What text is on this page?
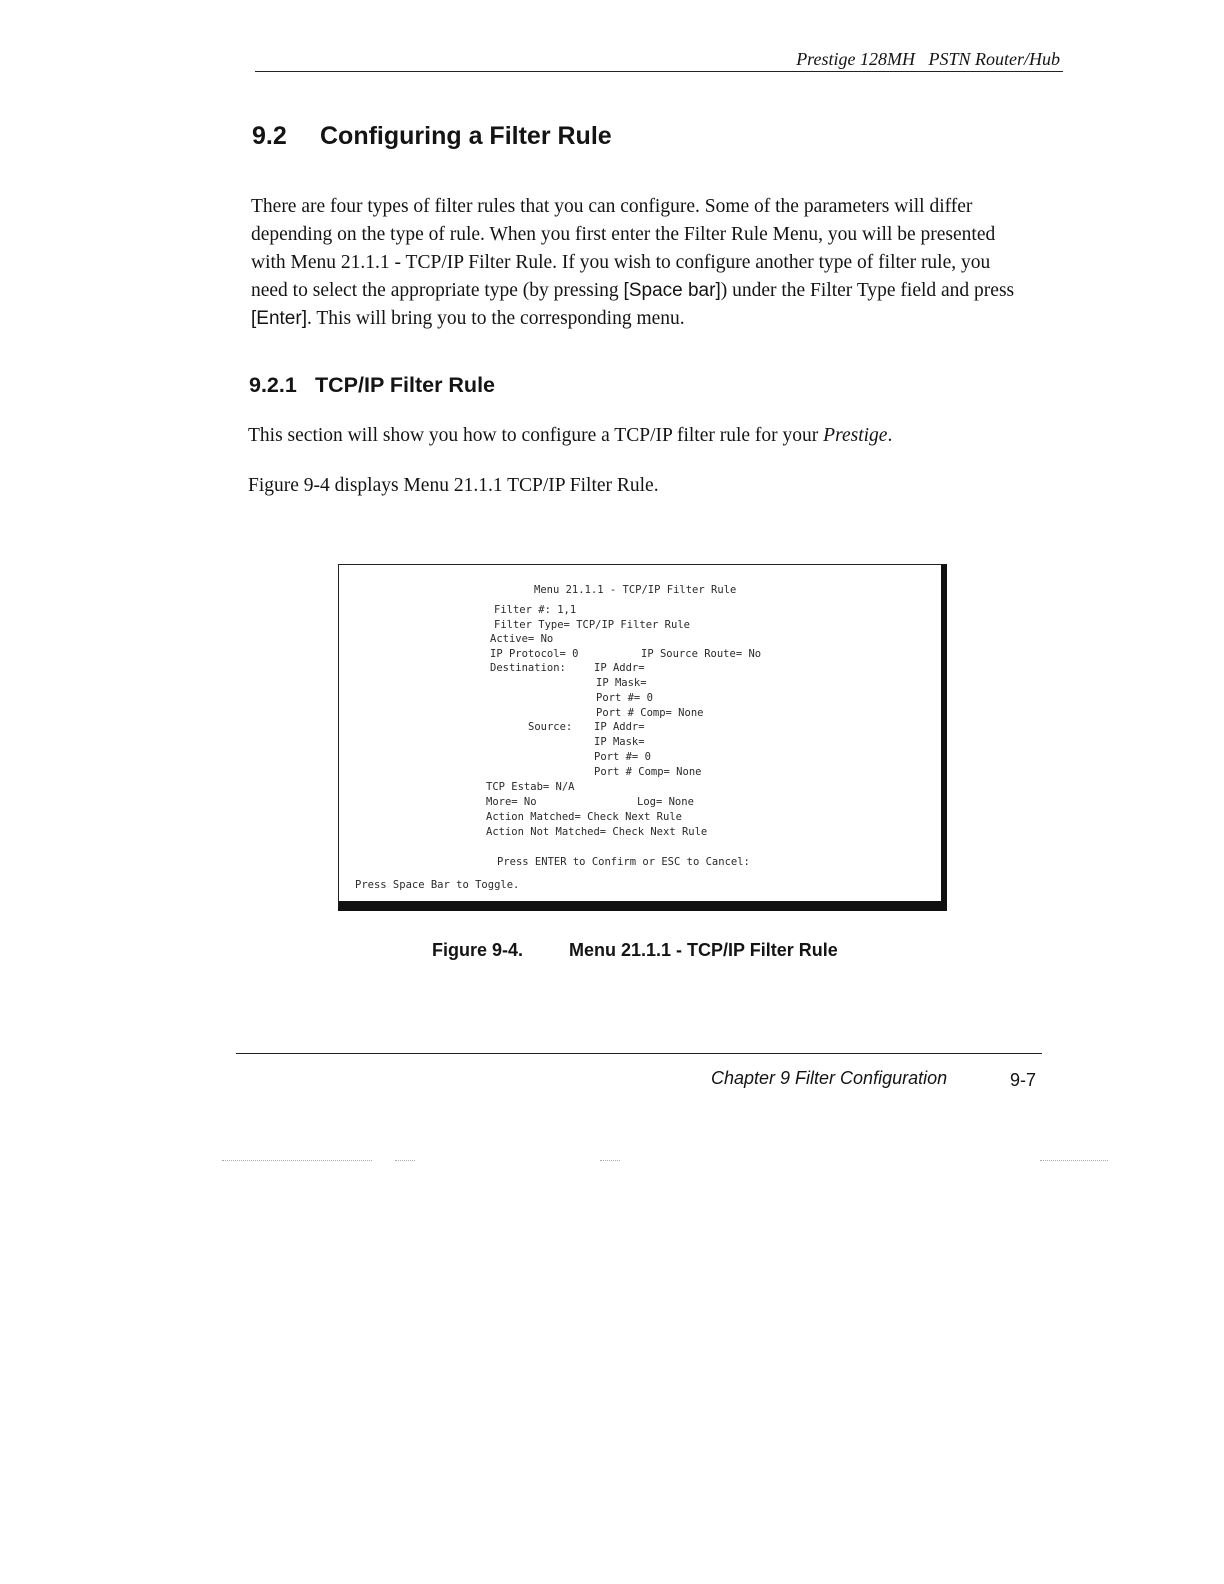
Prestige 128MH   PSTN Router/Hub
9.2 Configuring a Filter Rule
There are four types of filter rules that you can configure. Some of the parameters will differ
depending on the type of rule. When you first enter the Filter Rule Menu, you will be presented
with Menu 21.1.1 - TCP/IP Filter Rule. If you wish to configure another type of filter rule, you
need to select the appropriate type (by pressing [Space bar]) under the Filter Type field and press
[Enter]. This will bring you to the corresponding menu.
9.2.1 TCP/IP Filter Rule
This section will show you how to configure a TCP/IP filter rule for your Prestige.
Figure 9-4 displays Menu 21.1.1 TCP/IP Filter Rule.
Menu 21.1.1 - TCP/IP Filter Rule
Filter #: 1,1
Filter Type= TCP/IP Filter Rule
Active= No
IP Protocol= 0	IP Source Route= No
Destination:	IP Addr=
IP Mask=
Port #= 0
Port # Comp= None
Source: IP Addr=
IP Mask=
Port #= 0
Port # Comp= None
TCP Estab= N/A
More= No	Log= None
Action Matched= Check Next Rule
Action Not Matched= Check Next Rule
Press ENTER to Confirm or ESC to Cancel:
Press Space Bar to Toggle.
Figure 9-4.	Menu 21.1.1 - TCP/IP Filter Rule
Chapter 9 Filter Configuration	9-7
